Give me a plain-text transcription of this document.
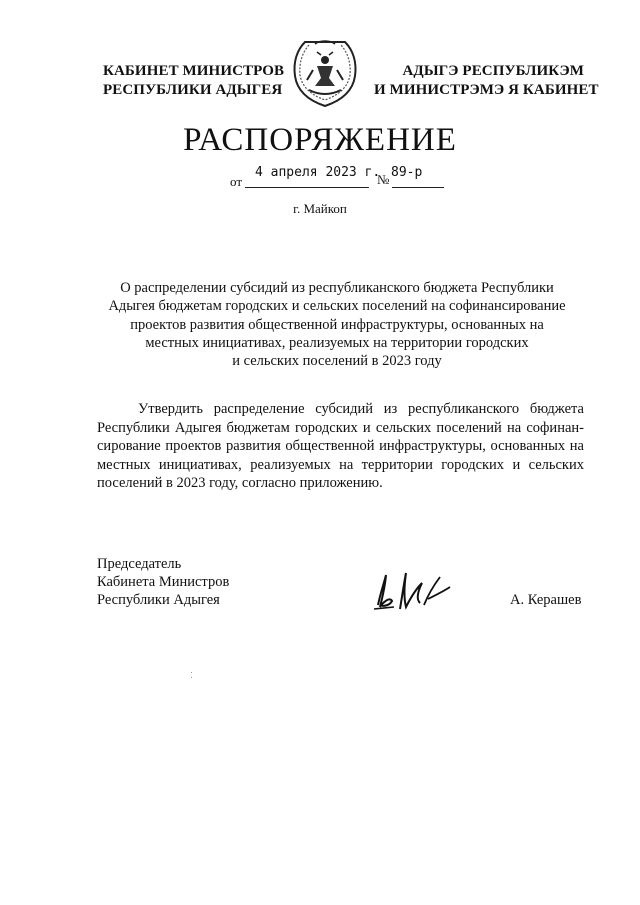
КАБИНЕТ МИНИСТРОВ
РЕСПУБЛИКИ АДЫГЕЯ
АДЫГЭ РЕСПУБЛИКЭМ
И МИНИСТРЭМЭ Я КАБИНЕТ
РАСПОРЯЖЕНИЕ
от
4 апреля 2023 г.
№ 89-р
г. Майкоп
О распределении субсидий из республиканского бюджета Республики
Адыгея бюджетам городских и сельских поселений на софинансирование
проектов развития общественной инфраструктуры, основанных на
местных инициативах, реализуемых на территории городских
и сельских поселений в 2023 году
Утвердить распределение субсидий из республиканского бюджета Республики Адыгея бюджетам городских и сельских поселений на софинансирование проектов развития общественной инфраструктуры, основанных на местных инициативах, реализуемых на территории городских и сельских поселений в 2023 году, согласно приложению.
Председатель
Кабинета Министров
Республики Адыгея	А. Керашев
